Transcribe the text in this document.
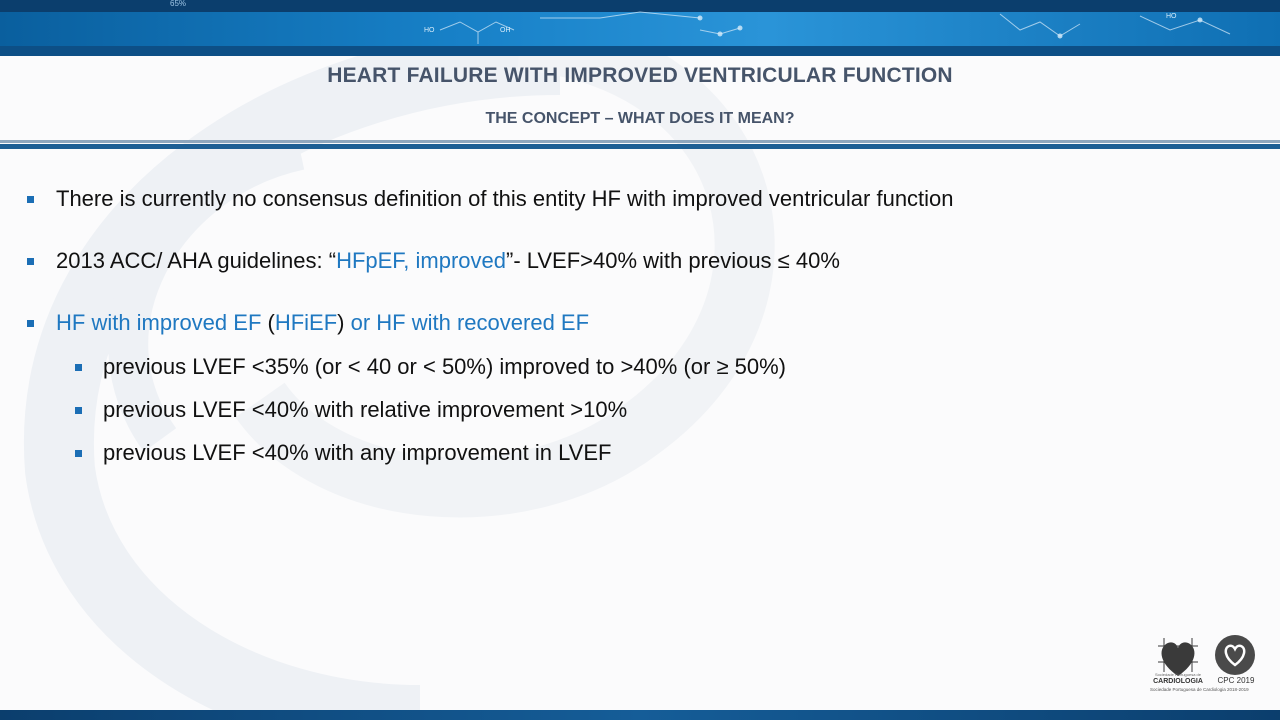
65%
HO	OH
HO
HEART FAILURE WITH IMPROVED VENTRICULAR FUNCTION
THE CONCEPT – WHAT DOES IT MEAN?
There is currently no consensus definition of this entity HF with improved ventricular function
2013 ACC/ AHA guidelines: “HFpEF, improved”- LVEF>40% with previous ≤ 40%
HF with improved EF (HFiEF) or HF with recovered EF
previous LVEF <35% (or < 40 or < 50%) improved to >40% (or ≥ 50%)
previous LVEF <40% with relative improvement >10%
previous LVEF <40% with any improvement in LVEF
Sociedade Portuguesa de
CARDIOLOGIA	CPC 2019
Sociedade Portuguesa de Cardiologia 2018-2019
